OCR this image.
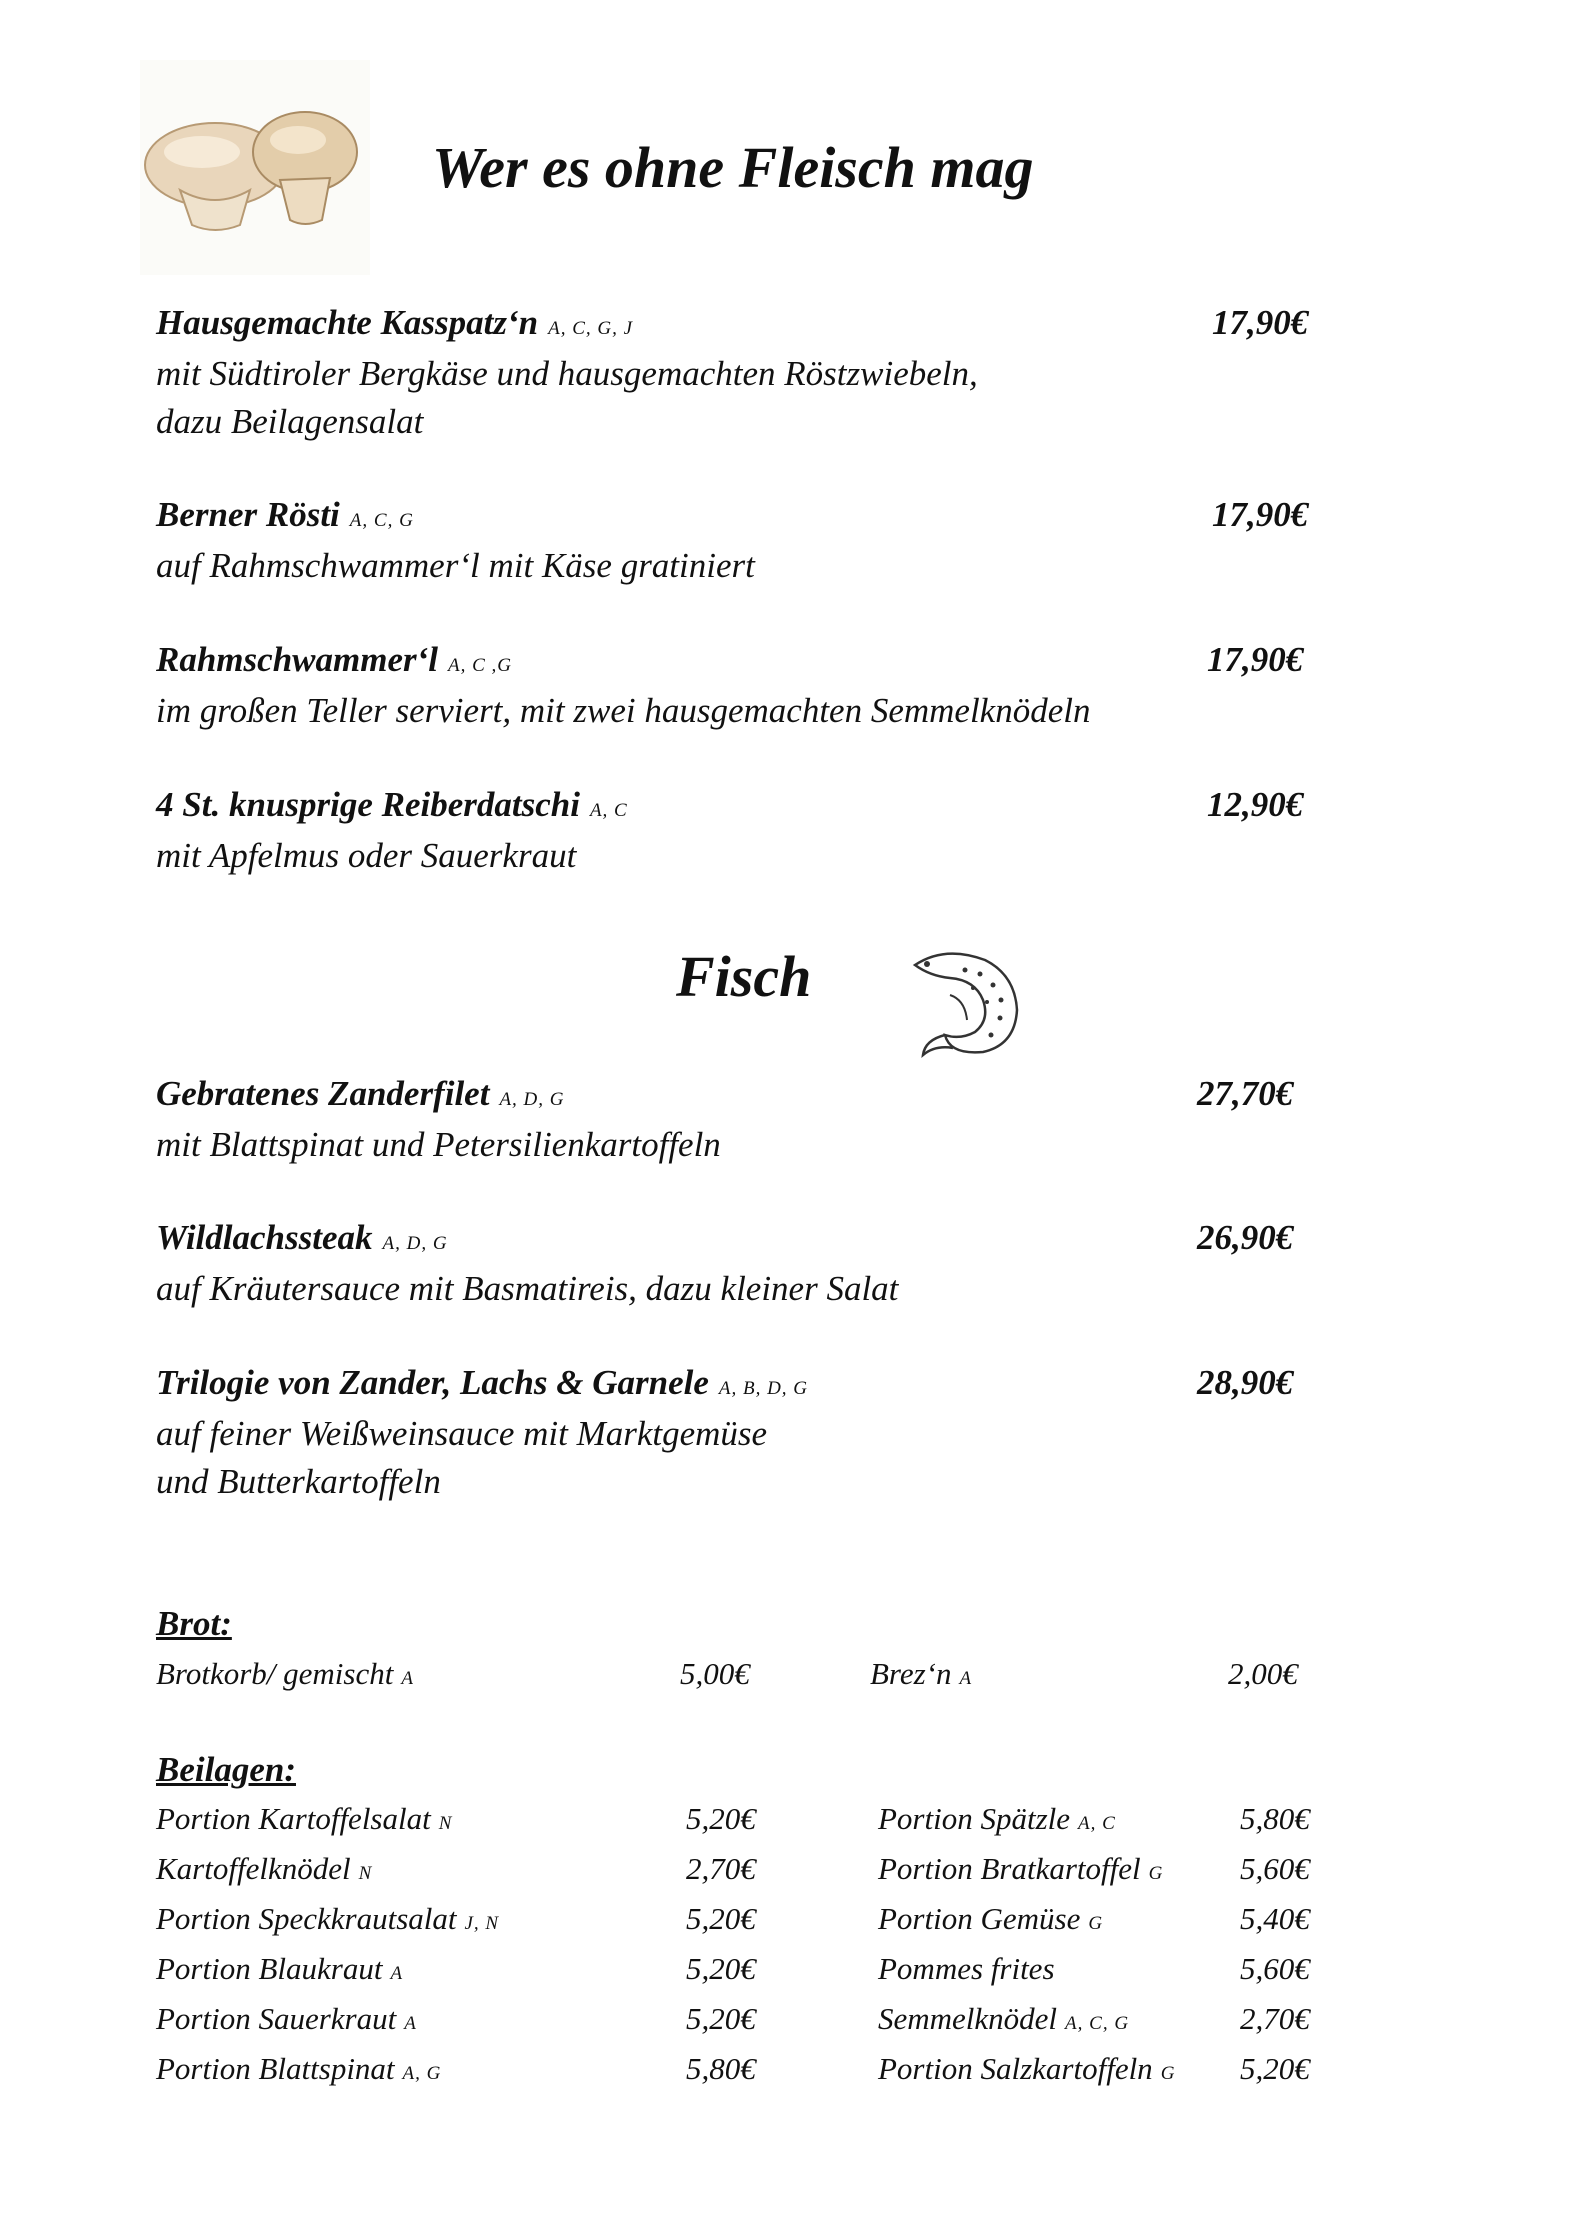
Wer es ohne Fleisch mag
Hausgemachte Kasspatz‘n A, C, G, J	17,90€
mit Südtiroler Bergkäse und hausgemachten Röstzwiebeln,
dazu Beilagensalat
Berner Rösti A, C, G	17,90€
auf Rahmschwammer‘l mit Käse gratiniert
Rahmschwammer‘l A, C ,G	17,90€
im großen Teller serviert, mit zwei hausgemachten Semmelknödeln
4 St. knusprige Reiberdatschi A, C	12,90€
mit Apfelmus oder Sauerkraut
Fisch
Gebratenes Zanderfilet A, D, G	27,70€
mit Blattspinat und Petersilienkartoffeln
Wildlachssteak A, D, G	26,90€
auf Kräutersauce mit Basmatireis, dazu kleiner Salat
Trilogie von Zander, Lachs & Garnele A, B, D, G	28,90€
auf feiner Weißweinsauce mit Marktgemüse
und Butterkartoffeln
Brot:
Brotkorb/ gemischt A	5,00€	Brez‘n A	2,00€
Beilagen:
Portion Kartoffelsalat N	5,20€	Portion Spätzle A, C	5,80€
Kartoffelknödel N	2,70€	Portion Bratkartoffel G 5,60€
Portion Speckkrautsalat J, N	5,20€	Portion Gemüse G	5,40€
Portion Blaukraut A	5,20€	Pommes frites	5,60€
Portion Sauerkraut A	5,20€	Semmelknödel A, C, G	2,70€
Portion Blattspinat A, G	5,80€	Portion Salzkartoffeln G 5,20€
